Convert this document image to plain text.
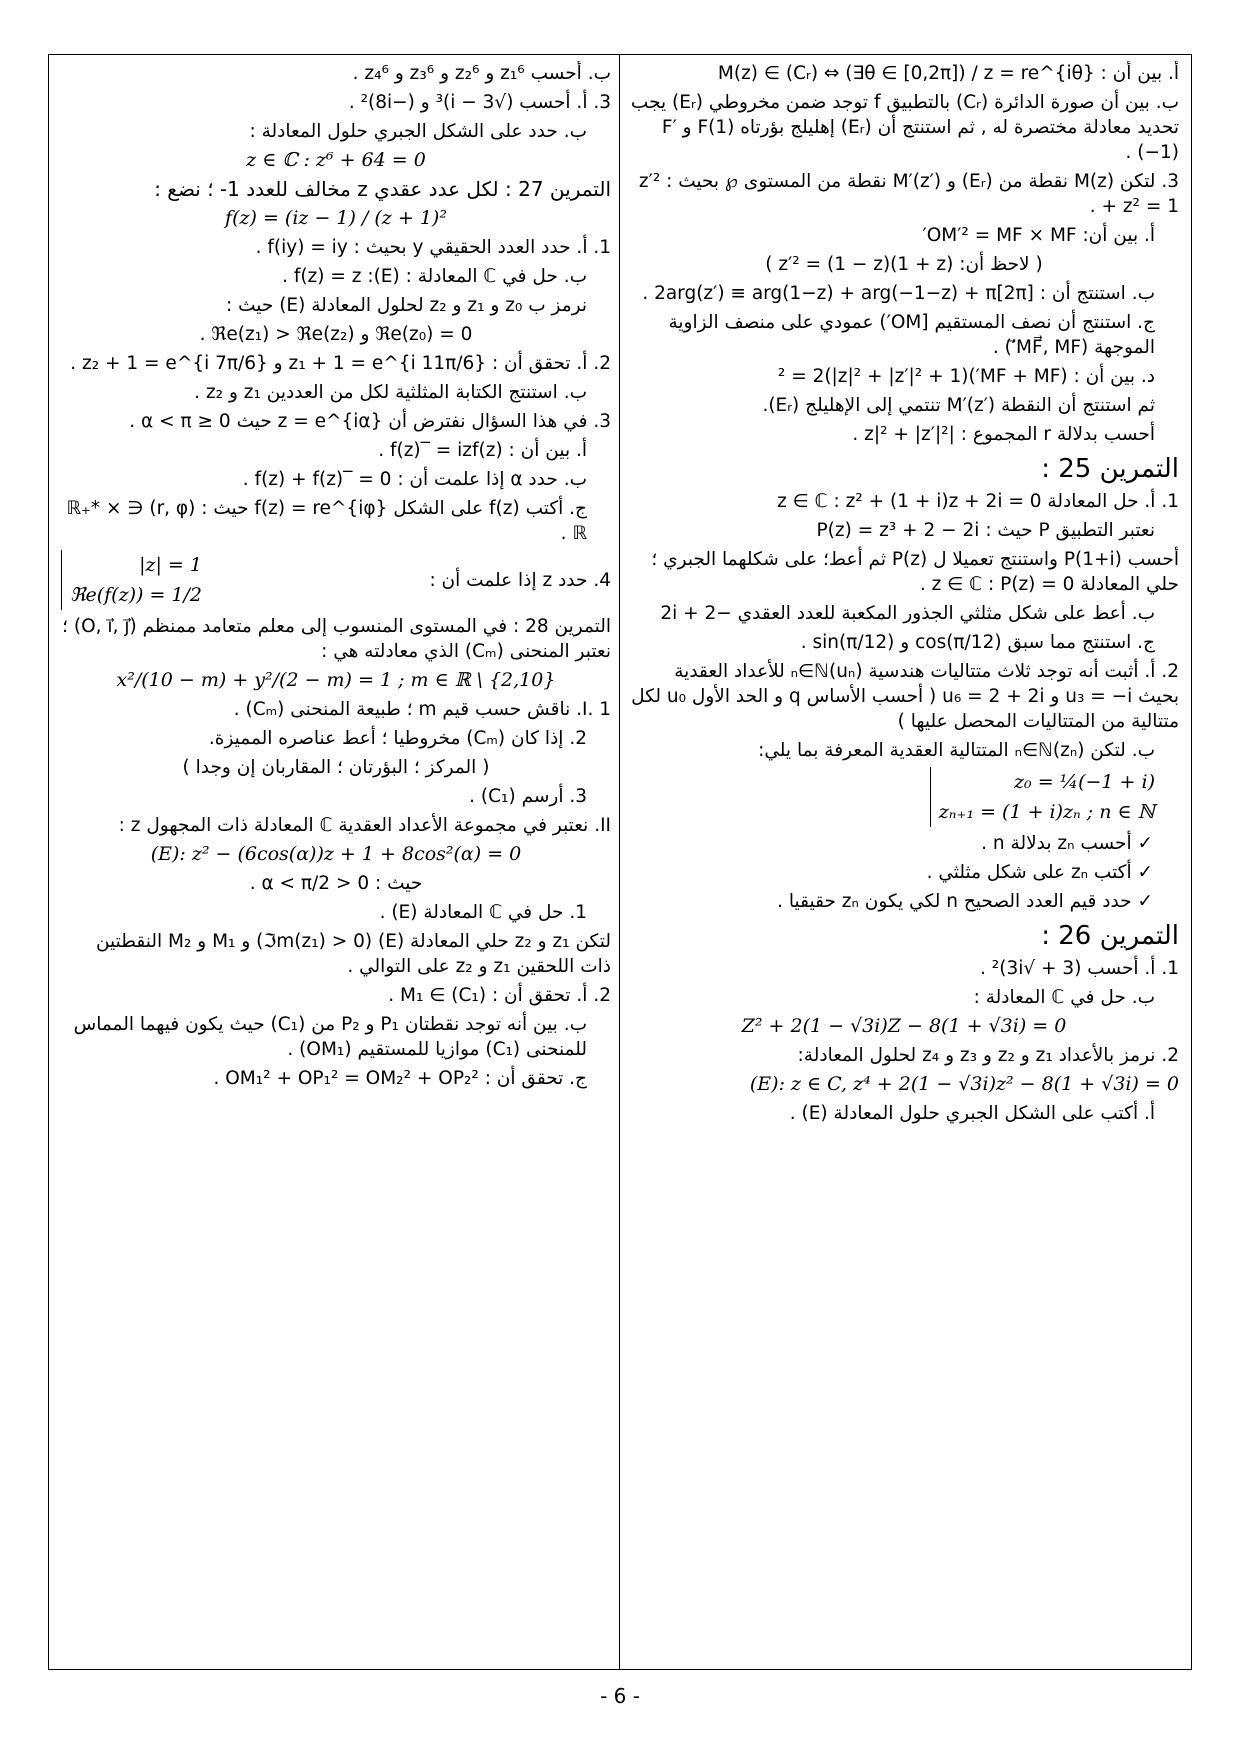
أ. بين أن : M(z) ∈ (Cᵣ) ⇔ (∃θ ∈ [0,2π]) / z = re^{iθ}

ب. بين أن صورة الدائرة (Cᵣ) بالتطبيق f توجد ضمن مخروطي (Eᵣ) يجب تحديد معادلة مختصرة له , ثم استنتج أن (Eᵣ) إهليلج بؤرتاه F(1) و F′(−1) .

3. لتكن M(z) نقطة من (Eᵣ) و M′(z′) نقطة من المستوى ℘ بحيث : z′² + z² = 1 .

أ. بين أن: OM′² = MF × MF′

( لاحظ أن: z′² = (1 − z)(1 + z) )

ب. استنتج أن : 2arg(z′) ≡ arg(1−z) + arg(−1−z) + π[2π] .

ج. استنتج أن نصف المستقيم [OM′) عمودي على منصف الزاوية الموجهة (MF⃗, MF′⃗) .

د. بين أن : (MF + MF′)² = 2(|z|² + |z′|² + 1)

ثم استنتج أن النقطة M′(z′) تنتمي إلى الإهليلج (Eᵣ).

أحسب بدلالة r المجموع : |z|² + |z′|² .

التمرين 25 :

1. أ. حل المعادلة z ∈ ℂ : z² + (1 + i)z + 2i = 0

نعتبر التطبيق P حيث : P(z) = z³ + 2 − 2i

أحسب P(1+i) واستنتج تعميلا ل P(z) ثم أعط؛ على شكلهما الجبري ؛ حلي المعادلة z ∈ ℂ : P(z) = 0 .

ب. أعط على شكل مثلثي الجذور المكعبة للعدد العقدي −2 + 2i

ج. استنتج مما سبق cos(π/12) و sin(π/12) .

2. أ. أثبت أنه توجد ثلاث متتاليات هندسية (uₙ)ₙ∈ℕ للأعداد العقدية بحيث u₃ = −i و u₆ = 2 + 2i ( أحسب الأساس q و الحد الأول u₀ لكل متتالية من المتتاليات المحصل عليها )

ب. لتكن (zₙ)ₙ∈ℕ المتتالية العقدية المعرفة بما يلي:

z₀ = ¼(−1 + i)
zₙ₊₁ = (1 + i)zₙ ; n ∈ ℕ

✓ أحسب zₙ بدلالة n .

✓ أكتب zₙ على شكل مثلثي .

✓ حدد قيم العدد الصحيح n لكي يكون zₙ حقيقيا .

التمرين 26 :

1. أ. أحسب (3 + √3i)² .

ب. حل في ℂ المعادلة :

Z² + 2(1 − √3i)Z − 8(1 + √3i) = 0

2. نرمز بالأعداد z₁ و z₂ و z₃ و z₄ لحلول المعادلة:

(E): z ∈ C, z⁴ + 2(1 − √3i)z² − 8(1 + √3i) = 0

أ. أكتب على الشكل الجبري حلول المعادلة (E) .

ب. أحسب z₁⁶ و z₂⁶ و z₃⁶ و z₄⁶ .

3. أ. أحسب (√3 − i)³ و (−8i)² .

ب. حدد على الشكل الجبري حلول المعادلة :

z ∈ ℂ : z⁶ + 64 = 0

التمرين 27 : لكل عدد عقدي z مخالف للعدد 1- ؛ نضع :

f(z) = (iz − 1) / (z + 1)²

1. أ. حدد العدد الحقيقي y بحيث : f(iy) = iy .

ب. حل في ℂ المعادلة : (E): f(z) = z .

نرمز ب z₀ و z₁ و z₂ لحلول المعادلة (E) حيث :

ℜe(z₀) = 0 و ℜe(z₁) > ℜe(z₂) .

2. أ. تحقق أن : z₁ + 1 = e^{i 11π/6} و z₂ + 1 = e^{i 7π/6} .

ب. استنتج الكتابة المثلثية لكل من العددين z₁ و z₂ .

3. في هذا السؤال نفترض أن z = e^{iα} حيث 0 ≤ α < π .

أ. بين أن : f(z)‾ = izf(z) .

ب. حدد α إذا علمت أن : f(z) + f(z)‾ = 0 .

ج. أكتب f(z) على الشكل f(z) = re^{iφ} حيث : (r, φ) ∈ ℝ₊* × ℝ .

4. حدد z إذا علمت أن :
|z| = 1
ℜe(f(z)) = 1/2

التمرين 28 : في المستوى المنسوب إلى معلم متعامد ممنظم (O, i⃗, j⃗) ؛ نعتبر المنحنى (Cₘ) الذي معادلته هي :

x²/(10 − m) + y²/(2 − m) = 1 ; m ∈ ℝ \ {2,10}

I. 1. ناقش حسب قيم m ؛ طبيعة المنحنى (Cₘ) .

2. إذا كان (Cₘ) مخروطيا ؛ أعط عناصره المميزة.

( المركز ؛ البؤرتان ؛ المقاربان إن وجدا )

3. أرسم (C₁) .

II. نعتبر في مجموعة الأعداد العقدية ℂ المعادلة ذات المجهول z :

(E): z² − (6cos(α))z + 1 + 8cos²(α) = 0

حيث : 0 < α < π/2 .

1. حل في ℂ المعادلة (E) .

لتكن z₁ و z₂ حلي المعادلة (E) (ℑm(z₁) > 0) و M₁ و M₂ النقطتين ذات اللحقين z₁ و z₂ على التوالي .

2. أ. تحقق أن : M₁ ∈ (C₁) .

ب. بين أنه توجد نقطتان P₁ و P₂ من (C₁) حيث يكون فيهما المماس للمنحنى (C₁) موازيا للمستقيم (OM₁) .

ج. تحقق أن : OM₁² + OP₁² = OM₂² + OP₂² .

- 6 -
